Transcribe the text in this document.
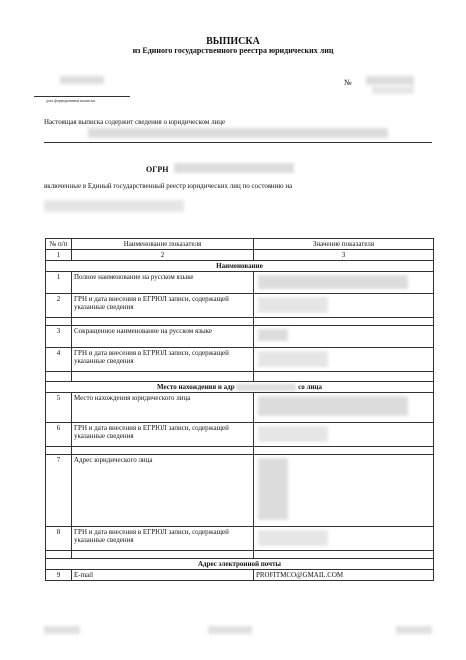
ВЫПИСКА
из Единого государственного реестра юридических лиц
дата формирования выписки
№
Настоящая выписка содержит сведения о юридическом лице
ОГРН
включенные в Единый государственный реестр юридических лиц по состоянию на
№ п/п	Наименование показателя	Значение показателя
1	2	3
Наименование		
1	Полное наименование на русском языке	

2	ГРН и дата внесения в ЕГРЮЛ записи, содержащей указанные сведения	

3	Сокращенное наименование на русском языке	

4	ГРН и дата внесения в ЕГРЮЛ записи, содержащей указанные сведения	

Место нахождения и адр со лица		
5	Место нахождения юридического лица	

6	ГРН и дата внесения в ЕГРЮЛ записи, содержащей указанные сведения	

7	Адрес юридического лица	

8	ГРН и дата внесения в ЕГРЮЛ записи, содержащей указанные сведения	

Адрес электронной почты		
9	E-mail	PROFITMCO@GMAIL.COM
